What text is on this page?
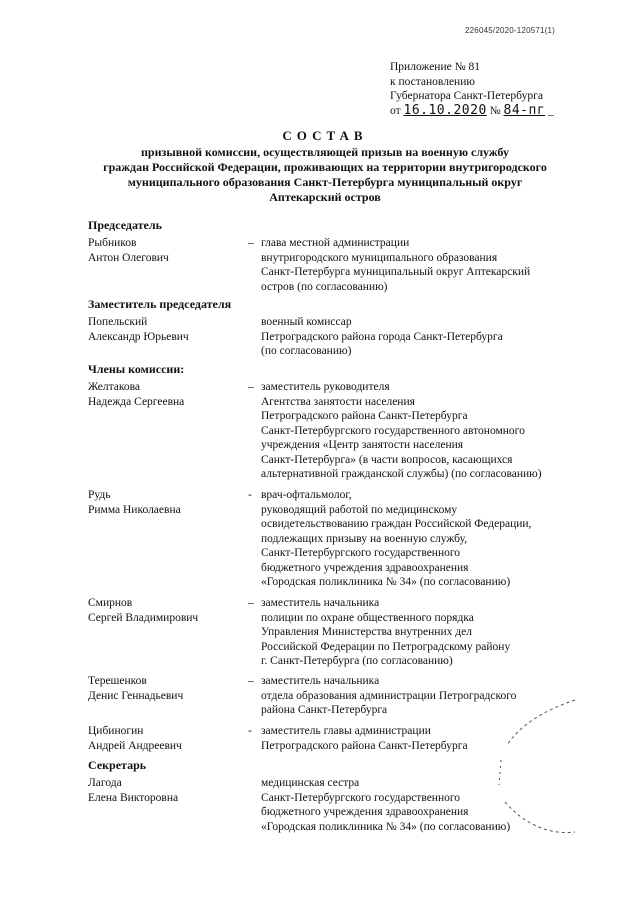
226045/2020-120571(1)
Приложение № 81
к постановлению
Губернатора Санкт-Петербурга
от 16.10.2020 № 84-пг _
СОСТАВ
призывной комиссии, осуществляющей призыв на военную службу
граждан Российской Федерации, проживающих на территории внутригородского
муниципального образования Санкт-Петербурга муниципальный округ
Аптекарский остров
Председатель
Рыбников
Антон Олегович
– глава местной администрации
внутригородского муниципального образования
Санкт-Петербурга муниципальный округ Аптекарский
остров (по согласованию)
Заместитель председателя
Попельский
Александр Юрьевич
военный комиссар
Петроградского района города Санкт-Петербурга
(по согласованию)
Члены комиссии:
Желтакова
Надежда Сергеевна
– заместитель руководителя
Агентства занятости населения
Петроградского района Санкт-Петербурга
Санкт-Петербургского государственного автономного
учреждения «Центр занятости населения
Санкт-Петербурга» (в части вопросов, касающихся
альтернативной гражданской службы) (по согласованию)
Рудь
Римма Николаевна
- врач-офтальмолог,
руководящий работой по медицинскому
освидетельствованию граждан Российской Федерации,
подлежащих призыву на военную службу,
Санкт-Петербургского государственного
бюджетного учреждения здравоохранения
«Городская поликлиника № 34» (по согласованию)
Смирнов
Сергей Владимирович
– заместитель начальника
полиции по охране общественного порядка
Управления Министерства внутренних дел
Российской Федерации по Петроградскому району
г. Санкт-Петербурга (по согласованию)
Терешенков
Денис Геннадьевич
– заместитель начальника
отдела образования администрации Петроградского
района Санкт-Петербурга
Цибиногин
Андрей Андреевич
- заместитель главы администрации
Петроградского района Санкт-Петербурга
Секретарь
Лагода
Елена Викторовна
медицинская сестра
Санкт-Петербургского государственного
бюджетного учреждения здравоохранения
«Городская поликлиника № 34» (по согласованию)
